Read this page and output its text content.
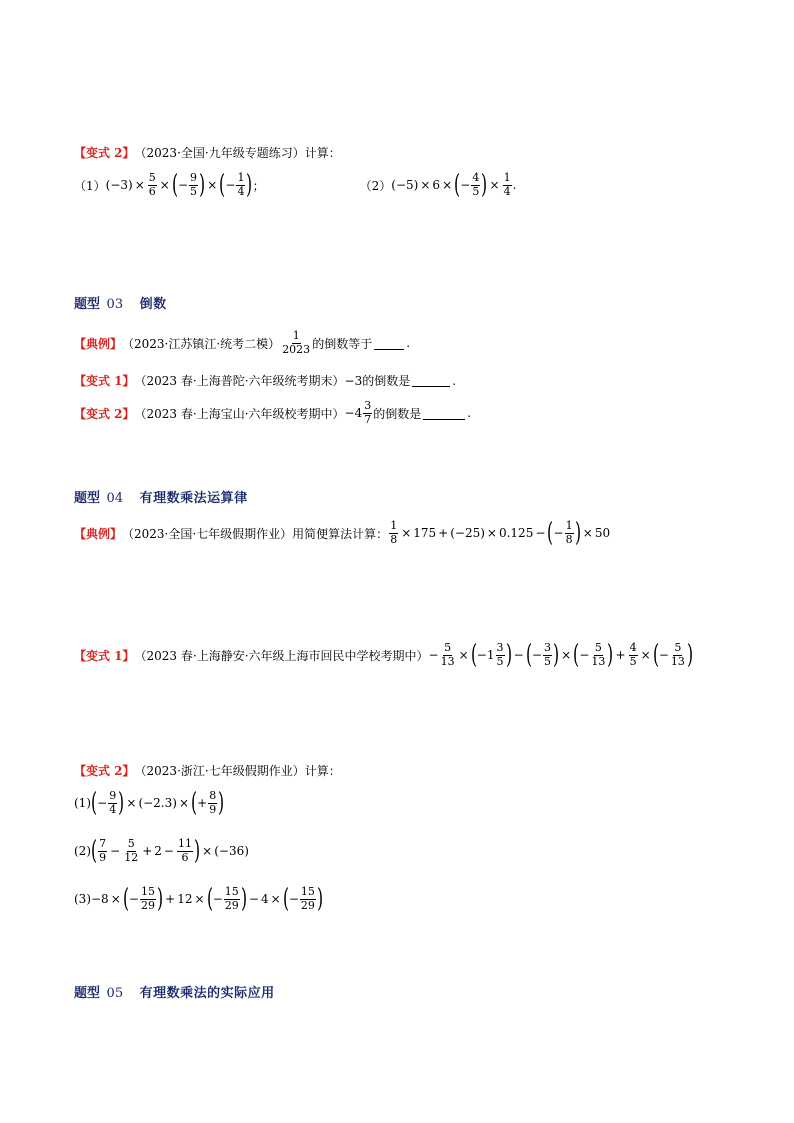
【变式 2】 （2023·全国·九年级专题练习）计算：
（1） $(-3) \times \frac{5}{6}$ × ( − $\frac{9}{5}$ ) × ( − $\frac{1}{4}$ ) ；	（2） (−5) × 6 × ( − $\frac{4}{5}$ ) × $\frac{1}{4}$ .
题型 03 倒数
【典例】 （2023·江苏镇江·统考二模） $\frac{1}{2023}$ 的倒数等于	.
【变式 1】 （2023 春·上海普陀·六年级统考期末） −3的倒数是	.
【变式 2】 （2023 春·上海宝山·六年级校考期中） $-4 \frac{3}{7}$ 的倒数是	.
题型 04 有理数乘法运算律
【典例】 （2023·全国·七年级假期作业）用简便算法计算： $\frac{1}{8} \times 175 + (-25) \times 0.125$ − ( − $\frac{1}{8}$ ) × 50
【变式 1】 （2023 春·上海静安·六年级上海市回民中学校考期中） − $\frac{5}{13}$ × ( $-1 \frac{3}{5}$ ) − ( − $\frac{3}{5}$ ) × ( − $\frac{5}{13}$ ) + $\frac{4}{5}$ × ( − $\frac{5}{13}$ )
【变式 2】 （2023·浙江·七年级假期作业）计算：
(1) ( − $\frac{9}{4}$ ) × (−2.3) × ( + $\frac{8}{9}$ )
(2) ( $\frac{7}{9} - \frac{5}{12} + 2 - \frac{11}{6}$ ) × (−36)
(3) −8 × ( − $\frac{15}{29}$ ) + 12 × ( − $\frac{15}{29}$ ) − 4 × ( − $\frac{15}{29}$ )
题型 05 有理数乘法的实际应用
